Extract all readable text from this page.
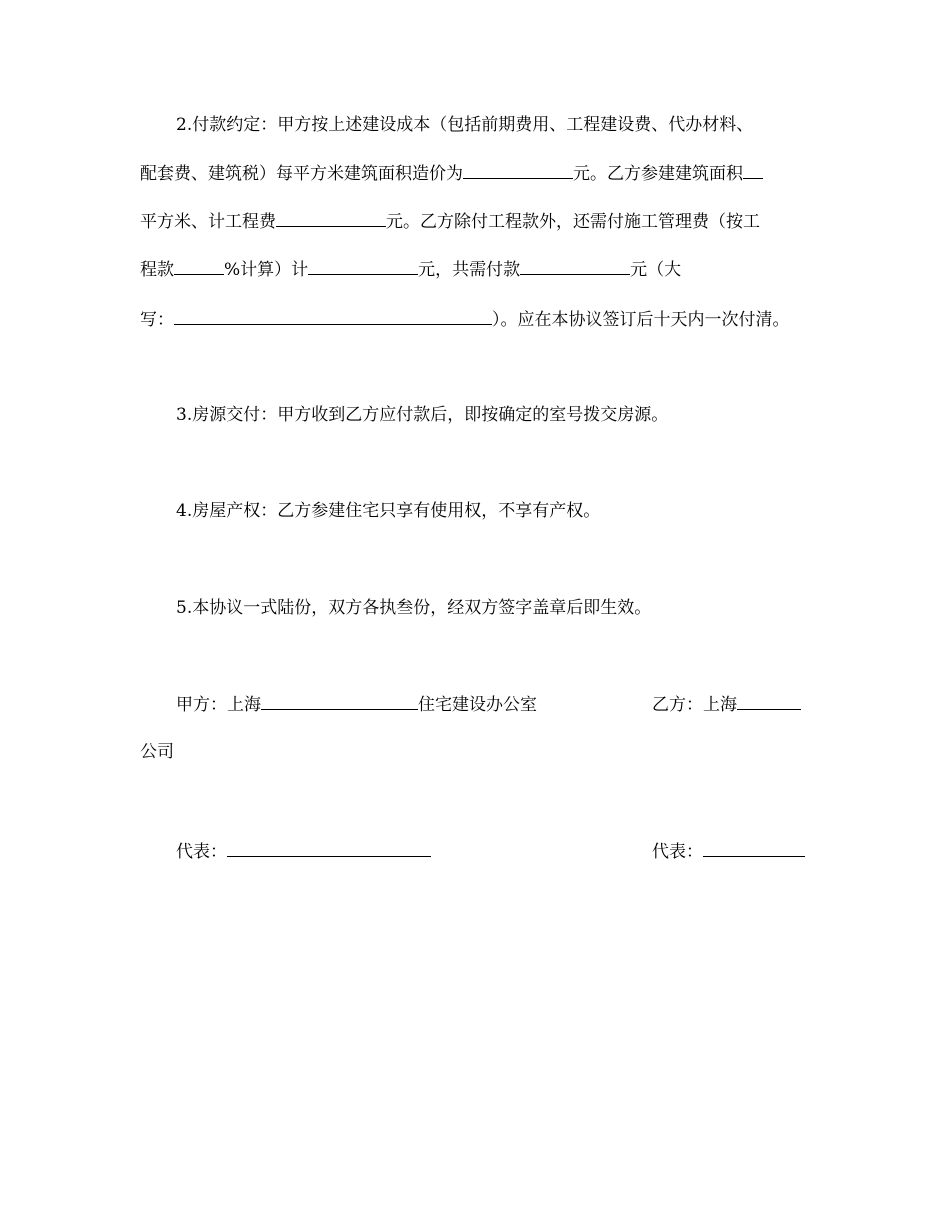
2.付款约定：甲方按上述建设成本（包括前期费用、工程建设费、代办材料、
配套费、建筑税）每平方米建筑面积造价为	元。乙方参建建筑面积
平方米、计工程费	元。乙方除付工程款外，还需付施工管理费（按工
程款	%计算）计	元，共需付款	元（大
写：	）。应在本协议签订后十天内一次付清。
3.房源交付：甲方收到乙方应付款后，即按确定的室号拨交房源。
4.房屋产权：乙方参建住宅只享有使用权，不享有产权。
5.本协议一式陆份，双方各执叁份，经双方签字盖章后即生效。
甲方：上海	住宅建设办公室	乙方：上海
公司
代表：	代表：
